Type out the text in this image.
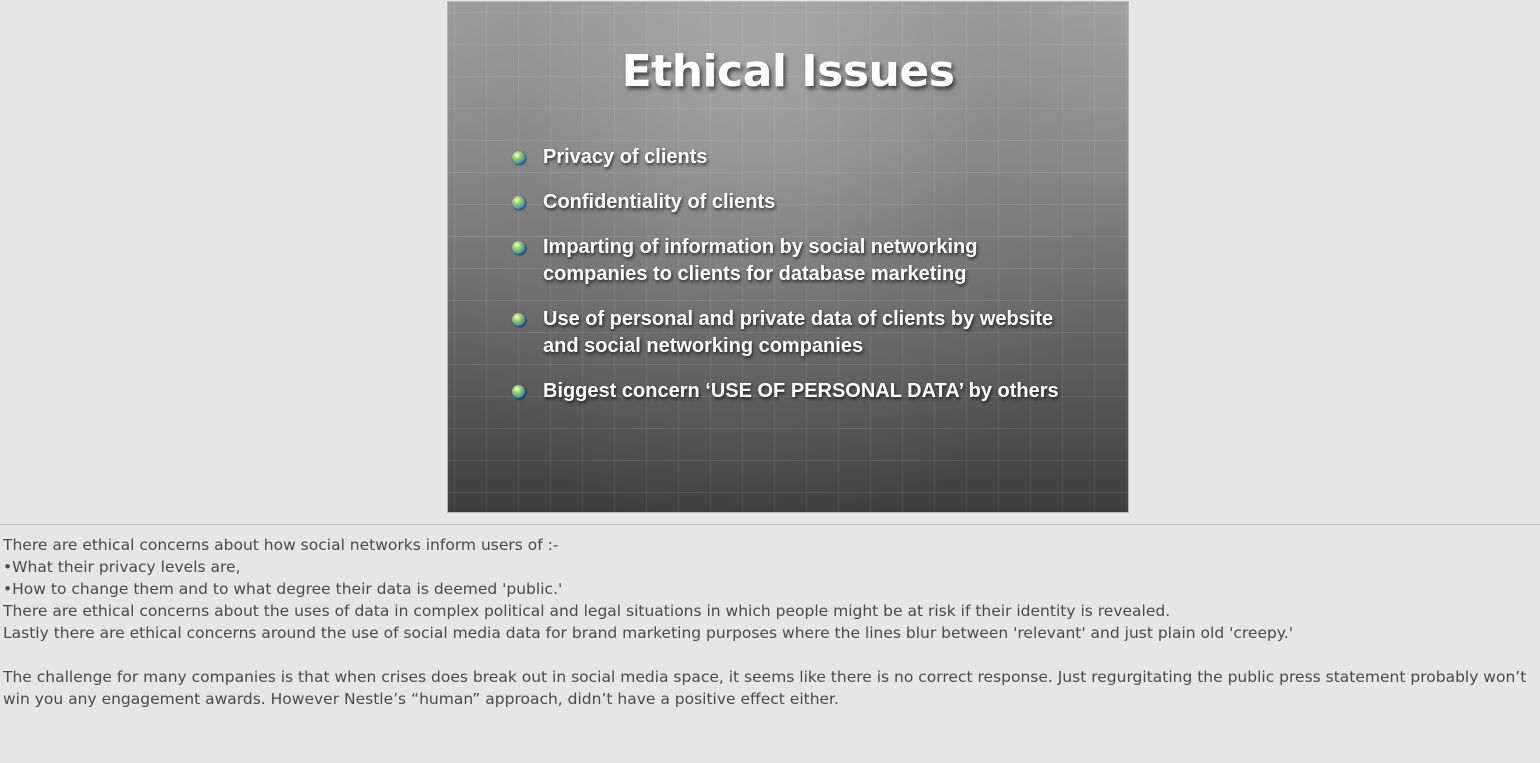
Ethical Issues
Privacy of clients
Confidentiality of clients
Imparting of information by social networking
companies to clients for database marketing
Use of personal and private data of clients by website
and social networking companies
Biggest concern ‘USE OF PERSONAL DATA’ by others

There are ethical concerns about how social networks inform users of :-

•What their privacy levels are,

•How to change them and to what degree their data is deemed 'public.'

There are ethical concerns about the uses of data in complex political and legal situations in which people might be at risk if their identity is revealed.

Lastly there are ethical concerns around the use of social media data for brand marketing purposes where the lines blur between 'relevant' and just plain old 'creepy.'

The challenge for many companies is that when crises does break out in social media space, it seems like there is no correct response. Just regurgitating the public press statement probably won’t win you any engagement awards. However Nestle’s “human” approach, didn’t have a positive effect either.
